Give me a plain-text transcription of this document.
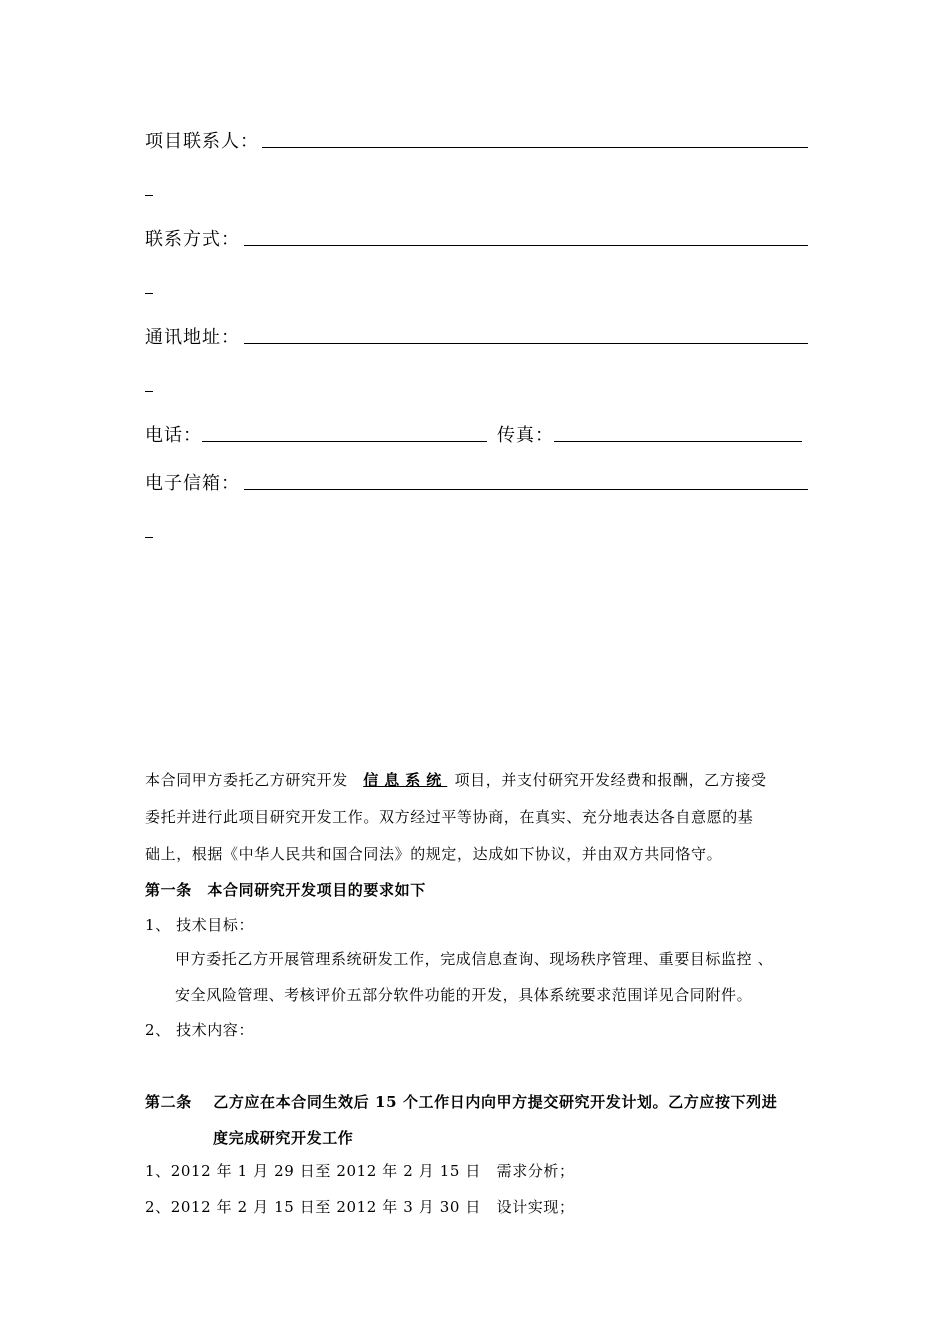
项目联系人：
联系方式：
通讯地址：
电话：	传真：
电子信箱：
本合同甲方委托乙方研究开发 信息系统 项目，并支付研究开发经费和报酬，乙方接受
委托并进行此项目研究开发工作。双方经过平等协商，在真实、充分地表达各自意愿的基
础上，根据《中华人民共和国合同法》的规定，达成如下协议，并由双方共同恪守。
第一条　本合同研究开发项目的要求如下
1、 技术目标：
甲方委托乙方开展管理系统研发工作，完成信息查询、现场秩序管理、重要目标监控 、
安全风险管理、考核评价五部分软件功能的开发，具体系统要求范围详见合同附件。
2、 技术内容：
第二条　 乙方应在本合同生效后 15 个工作日内向甲方提交研究开发计划。乙方应按下列进
度完成研究开发工作
1、2012 年 1 月 29 日至 2012 年 2 月 15 日　需求分析；
2、2012 年 2 月 15 日至 2012 年 3 月 30 日　设计实现；
